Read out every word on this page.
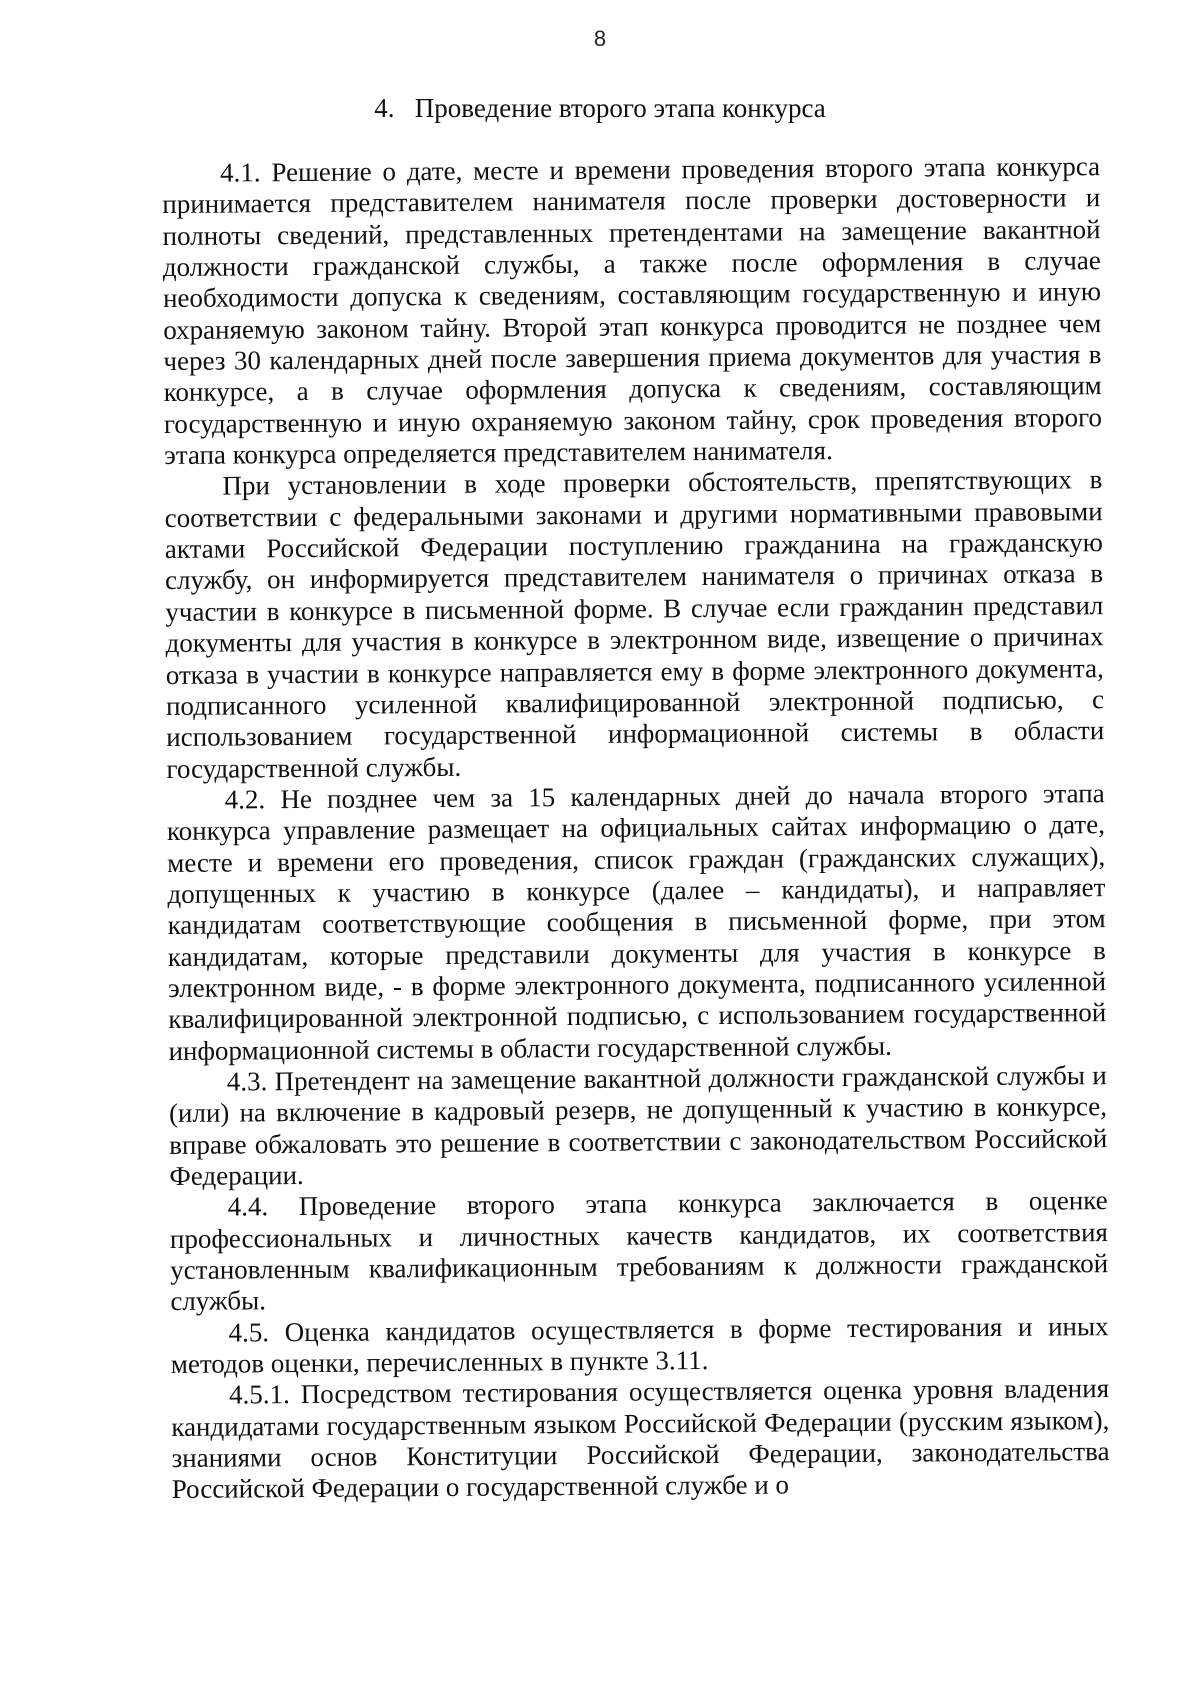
8
4.   Проведение второго этапа конкурса

4.1. Решение о дате, месте и времени проведения второго этапа конкурса принимается представителем нанимателя после проверки достоверности и полноты сведений, представленных претендентами на замещение вакантной должности гражданской службы, а также после оформления в случае необходимости допуска к сведениям, составляющим государственную и иную охраняемую законом тайну. Второй этап конкурса проводится не позднее чем через 30 календарных дней после завершения приема документов для участия в конкурсе, а в случае оформления допуска к сведениям, составляющим государственную и иную охраняемую законом тайну, срок проведения второго этапа конкурса определяется представителем нанимателя.

При установлении в ходе проверки обстоятельств, препятствующих в соответствии с федеральными законами и другими нормативными правовыми актами Российской Федерации поступлению гражданина на гражданскую службу, он информируется представителем нанимателя о причинах отказа в участии в конкурсе в письменной форме. В случае если гражданин представил документы для участия в конкурсе в электронном виде, извещение о причинах отказа в участии в конкурсе направляется ему в форме электронного документа, подписанного усиленной квалифицированной электронной подписью, с использованием государственной информационной системы в области государственной службы.

4.2. Не позднее чем за 15 календарных дней до начала второго этапа конкурса управление размещает на официальных сайтах информацию о дате, месте и времени его проведения, список граждан (гражданских служащих), допущенных к участию в конкурсе (далее – кандидаты), и направляет кандидатам соответствующие сообщения в письменной форме, при этом кандидатам, которые представили документы для участия в конкурсе в электронном виде, - в форме электронного документа, подписанного усиленной квалифицированной электронной подписью, с использованием государственной информационной системы в области государственной службы.

4.3. Претендент на замещение вакантной должности гражданской службы и (или) на включение в кадровый резерв, не допущенный к участию в конкурсе, вправе обжаловать это решение в соответствии с законодательством Российской Федерации.

4.4. Проведение второго этапа конкурса заключается в оценке профессиональных и личностных качеств кандидатов, их соответствия установленным квалификационным требованиям к должности гражданской службы.

4.5. Оценка кандидатов осуществляется в форме тестирования и иных методов оценки, перечисленных в пункте 3.11.

4.5.1. Посредством тестирования осуществляется оценка уровня владения кандидатами государственным языком Российской Федерации (русским языком), знаниями основ Конституции Российской Федерации, законодательства Российской Федерации о государственной службе и о
